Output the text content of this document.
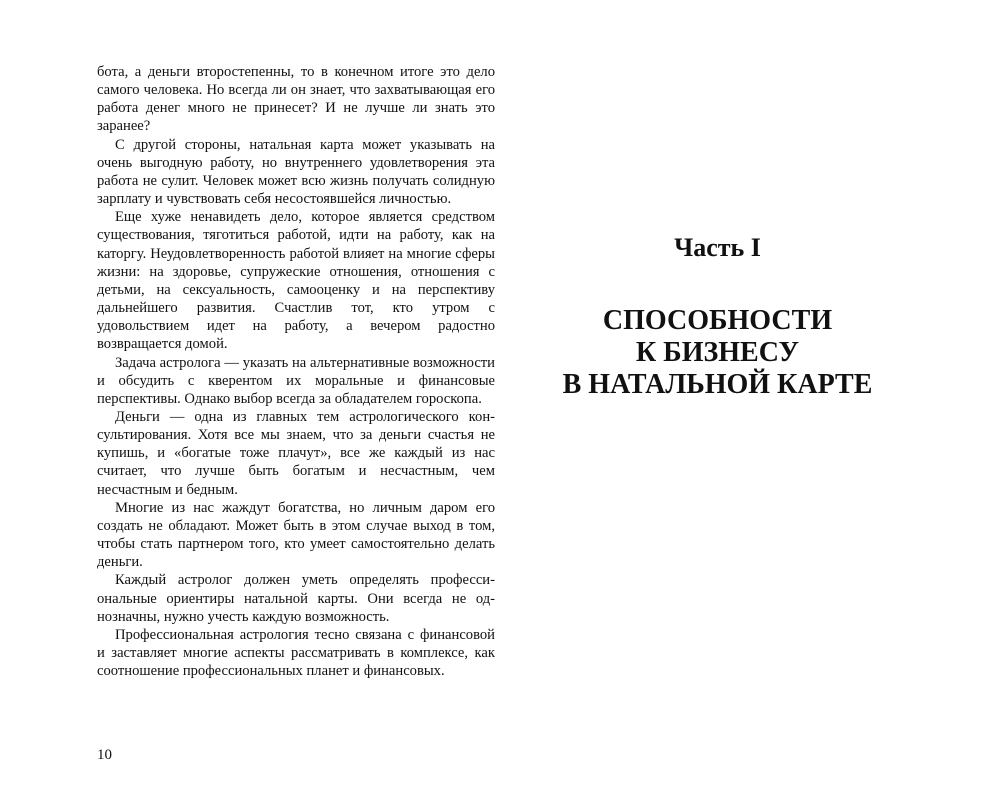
бота, а деньги второстепенны, то в конечном итоге это дело самого человека. Но всегда ли он знает, что захватывающая его работа денег много не принесет? И не лучше ли знать это заранее?

С другой стороны, натальная карта может указывать на очень выгодную работу, но внутреннего удовлетворения эта работа не сулит. Человек может всю жизнь получать солидную зарплату и чувствовать себя несостоявшейся личностью.

Еще хуже ненавидеть дело, которое является средством существования, тяготиться работой, идти на работу, как на каторгу. Неудовлетворенность работой влияет на многие сферы жизни: на здоровье, супружеские отношения, отношения с детьми, на сексуальность, самооценку и на перспективу дальнейшего развития. Счастлив тот, кто утром с удовольствием идет на работу, а вечером радостно возвращается домой.

Задача астролога — указать на альтернативные возможности и обсудить с кверентом их моральные и финансовые перспективы. Однако выбор всегда за обладателем гороскопа.

Деньги — одна из главных тем астрологического консультирования. Хотя все мы знаем, что за деньги счастья не купишь, и «богатые тоже плачут», все же каждый из нас считает, что лучше быть богатым и несчастным, чем несчастным и бедным.

Многие из нас жаждут богатства, но личным даром его создать не обладают. Может быть в этом случае выход в том, чтобы стать партнером того, кто умеет самостоятельно делать деньги.

Каждый астролог должен уметь определять профессиональные ориентиры натальной карты. Они всегда не однозначны, нужно учесть каждую возможность.

Профессиональная астрология тесно связана с финансовой и заставляет многие аспекты рассматривать в комплексе, как соотношение профессиональных планет и финансовых.

10
Часть I
СПОСОБНОСТИ
К БИЗНЕСУ
В НАТАЛЬНОЙ КАРТЕ
